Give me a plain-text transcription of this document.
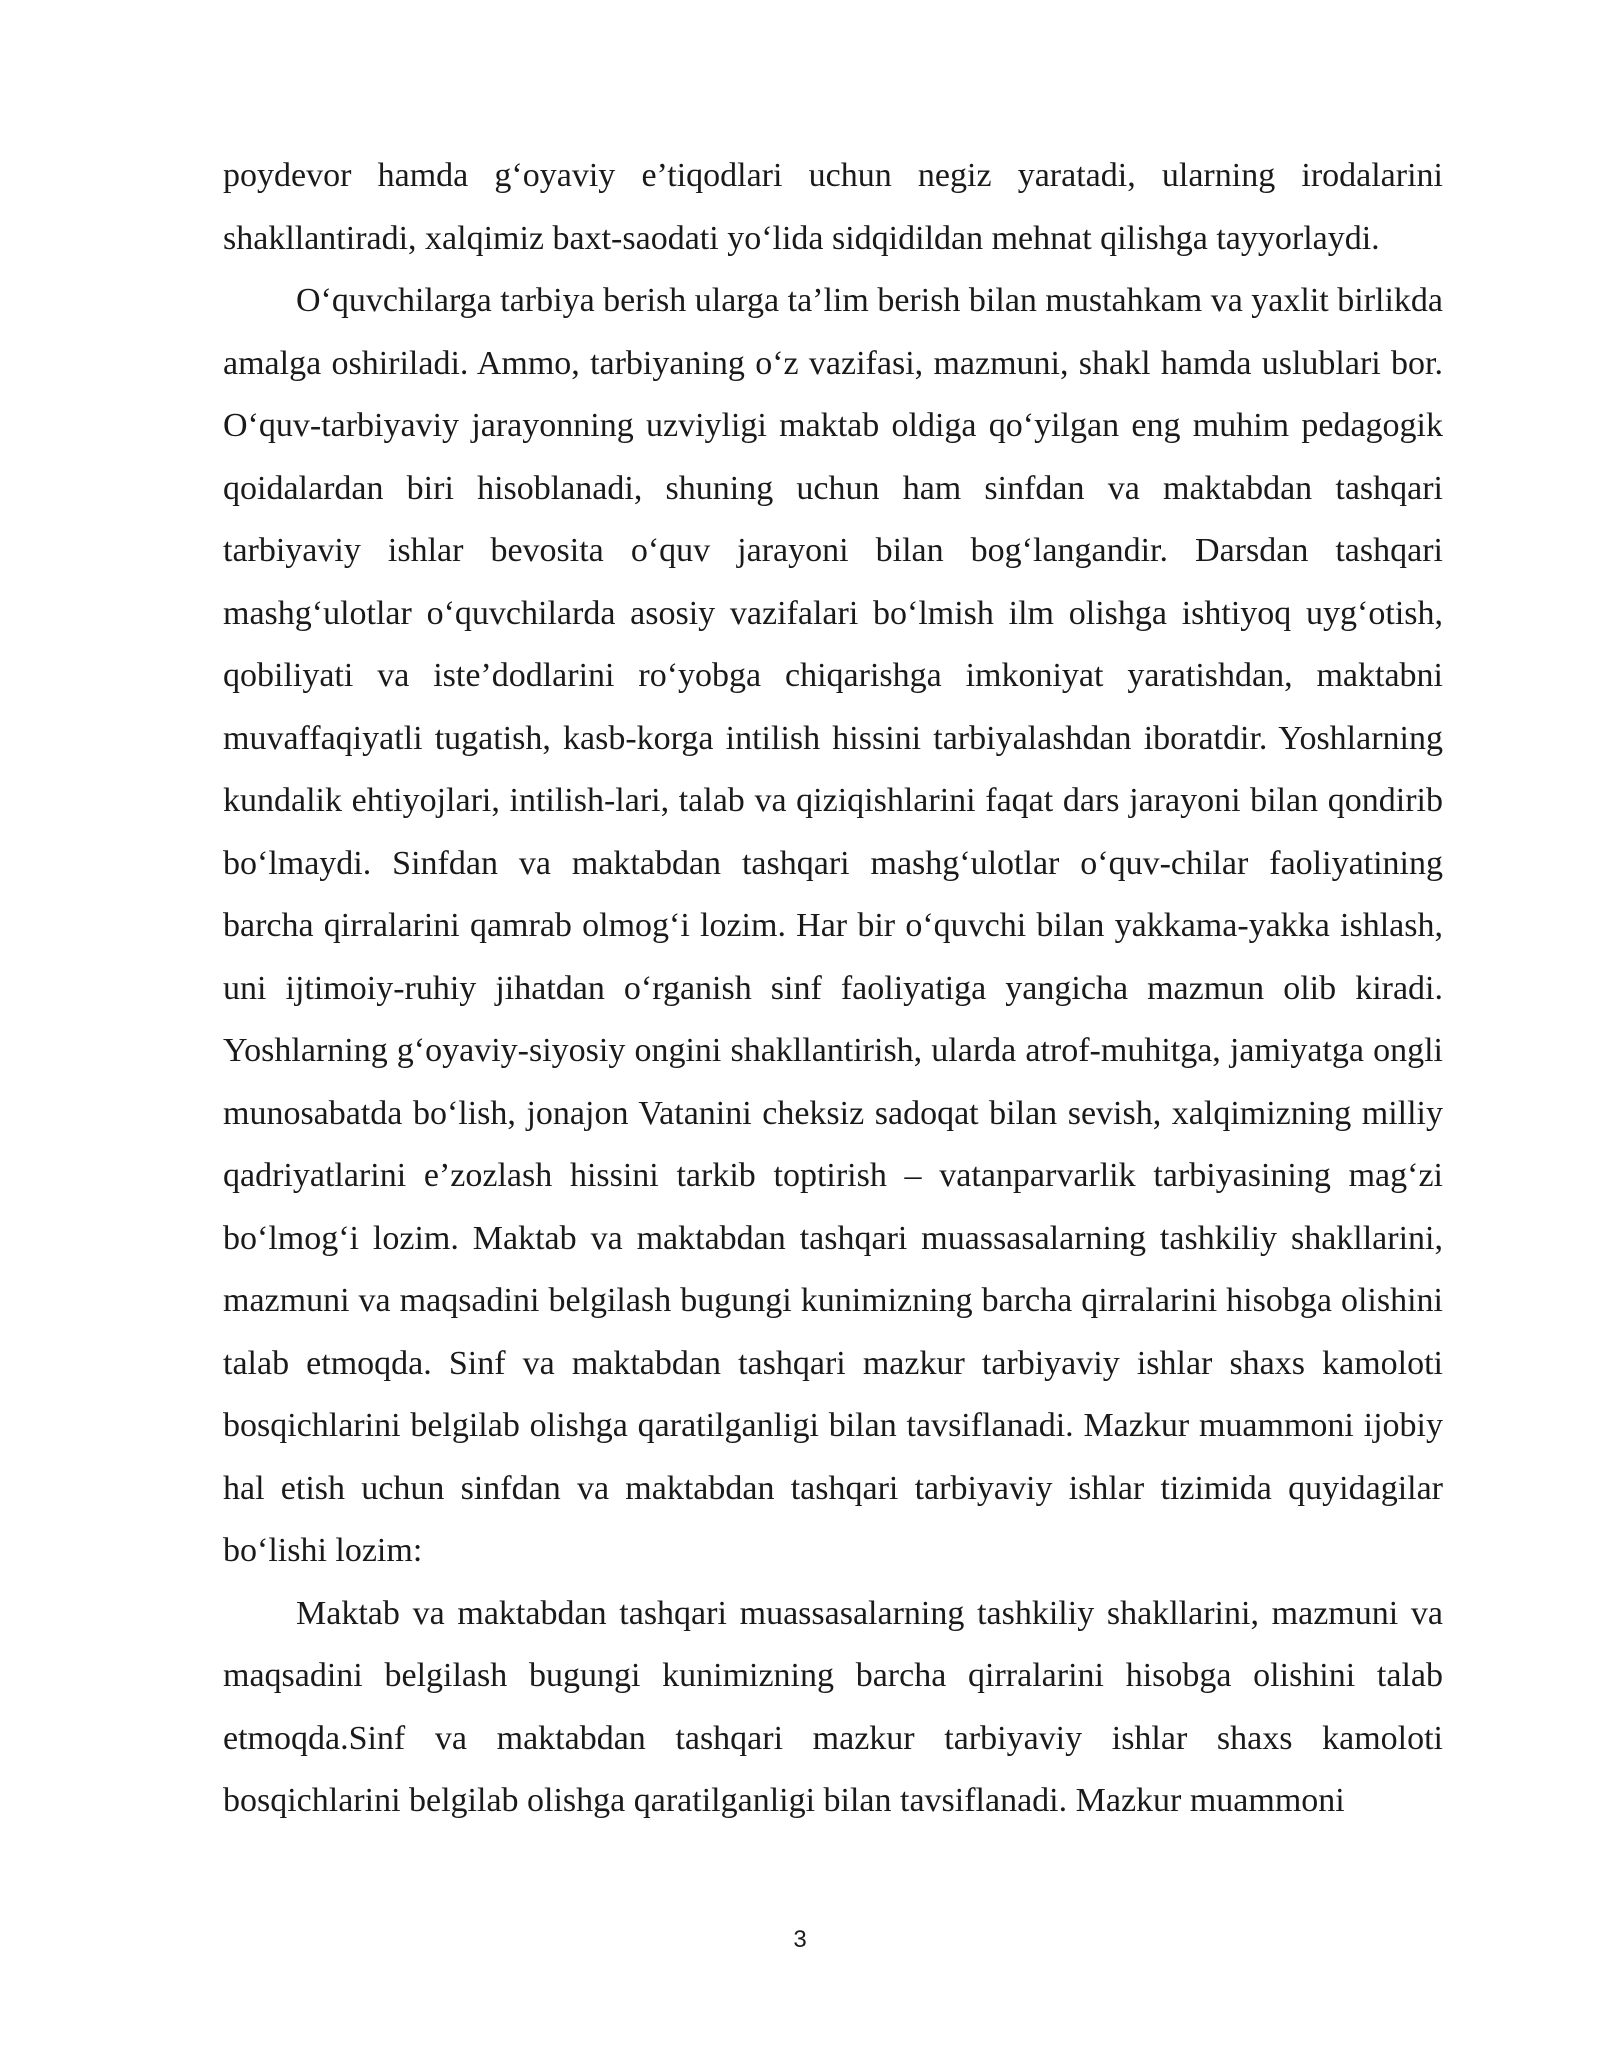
poydevor hamda g‘oyaviy e’tiqodlari uchun negiz yaratadi, ularning irodalarini shakllantiradi, xalqimiz baxt-saodati yo‘lida sidqidildan mehnat qilishga tayyorlaydi.

O‘quvchilarga tarbiya berish ularga ta’lim berish bilan mustahkam va yaxlit birlikda amalga oshiriladi. Ammo, tarbiyaning o‘z vazifasi, mazmuni, shakl hamda uslublari bor. O‘quv-tarbiyaviy jarayonning uzviyligi maktab oldiga qo‘yilgan eng muhim pedagogik qoidalardan biri hisoblanadi, shuning uchun ham sinfdan va maktabdan tashqari tarbiyaviy ishlar bevosita o‘quv jarayoni bilan bog‘langandir. Darsdan tashqari mashg‘ulotlar o‘quvchilarda asosiy vazifalari bo‘lmish ilm olishga ishtiyoq uyg‘otish, qobiliyati va iste’dodlarini ro‘yobga chiqarishga imkoniyat yaratishdan, maktabni muvaffaqiyatli tugatish, kasb-korga intilish hissini tarbiyalashdan iboratdir. Yoshlarning kundalik ehtiyojlari, intilish-lari, talab va qiziqishlarini faqat dars jarayoni bilan qondirib bo‘lmaydi. Sinfdan va maktabdan tashqari mashg‘ulotlar o‘quv-chilar faoliyatining barcha qirralarini qamrab olmog‘i lozim. Har bir o‘quvchi bilan yakkama-yakka ishlash, uni ijtimoiy-ruhiy jihatdan o‘rganish sinf faoliyatiga yangicha mazmun olib kiradi. Yoshlarning g‘oyaviy-siyosiy ongini shakllantirish, ularda atrof-muhitga, jamiyatga ongli munosabatda bo‘lish, jonajon Vatanini cheksiz sadoqat bilan sevish, xalqimizning milliy qadriyatlarini e’zozlash hissini tarkib toptirish – vatanparvarlik tarbiyasining mag‘zi bo‘lmog‘i lozim. Maktab va maktabdan tashqari muassasalarning tashkiliy shakllarini, mazmuni va maqsadini belgilash bugungi kunimizning barcha qirralarini hisobga olishini talab etmoqda. Sinf va maktabdan tashqari mazkur tarbiyaviy ishlar shaxs kamoloti bosqichlarini belgilab olishga qaratilganligi bilan tavsiflanadi. Mazkur muammoni ijobiy hal etish uchun sinfdan va maktabdan tashqari tarbiyaviy ishlar tizimida quyidagilar bo‘lishi lozim:

Maktab va maktabdan tashqari muassasalarning tashkiliy shakllarini, mazmuni va maqsadini belgilash bugungi kunimizning barcha qirralarini hisobga olishini talab etmoqda.Sinf va maktabdan tashqari mazkur tarbiyaviy ishlar shaxs kamoloti bosqichlarini belgilab olishga qaratilganligi bilan tavsiflanadi. Mazkur muammoni

3
